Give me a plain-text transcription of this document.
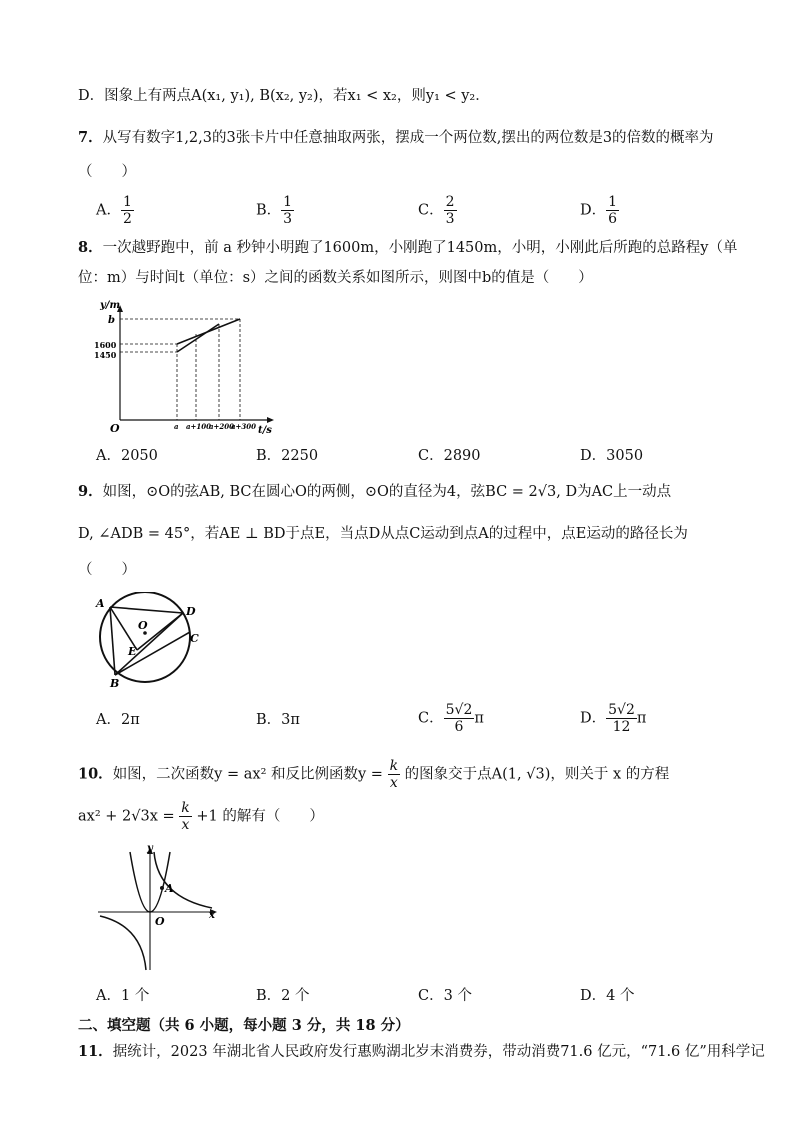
D．图象上有两点A(x₁, y₁), B(x₂, y₂)，若x₁ < x₂，则y₁ < y₂．
7．从写有数字1,2,3的3张卡片中任意抽取两张，摆成一个两位数,摆出的两位数是3的倍数的概率为
（　　）
A． $\frac{1}{2}$	B． $\frac{1}{3}$	C． $\frac{2}{3}$	D． $\frac{1}{6}$
8．一次越野跑中，前 a 秒钟小明跑了1600m，小刚跑了1450m，小明，小刚此后所跑的总路程y（单
位：m）与时间t（单位：s）之间的函数关系如图所示，则图中b的值是（　　）
y/m
b
1600
1450
O	a a+100
a+200
a+300 t/s
A．2050	B．2250	C．2890	D．3050
9．如图，⊙O的弦AB, BC在圆心O的两侧，⊙O的直径为4，弦BC = 2√3, D为AC上一动点
D, ∠ADB = 45°，若AE ⊥ BD于点E，当点D从点C运动到点A的过程中，点E运动的路径长为
（　　）
A
D
O
C
E
B
A．2π	B．3π	C． $\frac{5√2}{6}$ π	D． $\frac{5√2}{12}$ π
10．如图，二次函数y = ax² 和反比例函数$y = \frac{k}{x}$ 的图象交于点A(1, √3)，则关于 x 的方程
$ax^2 + 2√3x = \frac{k}{x} +1$ 的解有（　　）
A
O	x
y
A．1 个	B．2 个	C．3 个	D．4 个
二、填空题（共 6 小题，每小题 3 分，共 18 分）
11．据统计，2023 年湖北省人民政府发行惠购湖北岁末消费券，带动消费71.6 亿元，“71.6 亿”用科学记
